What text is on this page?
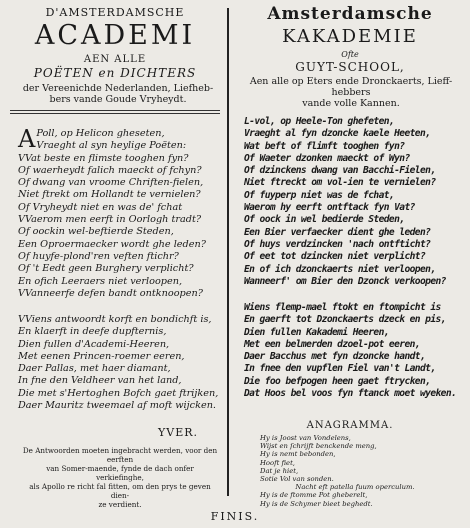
D'AMSTERDAMSCHE
ACADEMI
AEN ALLE
POËTEN en DICHTERS
der Vereenichde Nederlanden, Liefheb-
bers vande Goude Vryheydt.
A Poll, op Helicon gheseten,
Vraeght al syn heylige Poëten:
VVat beste en flimste tooghen fyn?
Of waerheydt falich maeckt of fchyn?
Of dwang van vroome Chriften-fielen,
Niet ftrekt om Hollandt te vernielen?
Of Vryheydt niet en was de' fchat
VVaerom men eerft in Oorlogh tradt?
Of oockin wel-beftierde Steden,
Een Oproermaecker wordt ghe leden?
Of huyfe-plond'ren veften ftichr?
Of 't Eedt geen Burghery verplicht?
En ofich Leeraers niet verloopen,
VVanneerfe defen bandt ontknoopen?
VViens antwoordt korft en bondichft is,
En klaerft in deefe dupfternis,
Dien fullen d'Academi-Heeren,
Met eenen Princen-roemer eeren,
Daer Pallas, met haer diamant,
In fne den Veldheer van het land,
Die met s'Hertoghen Bofch gaet ftrijken,
Daer Mauritz tweemael af moft wijcken.
YVER.
De Antwoorden moeten ingebracht werden, voor den eerften
van Somer-maende, fynde de dach onfer verkiefinghe,
als Apollo re richt fal fitten, om den prys te geven dien-
ze verdient.
Amsterdamsche
KAKADEMIE
Ofte
GUYT-SCHOOL,
Aen alle op Eters ende Dronckaerts, Lieff-hebbers
vande volle Kannen.
L-vol, op Heele-Ton ghefeten,
Vraeght al fyn dzoncke kaele Heeten,
Wat beft of flimft tooghen fyn?
Of Waeter dzonken maeckt of Wyn?
Of dzinckens dwang van Bacchi-Fielen,
Niet ftreckt om vol-ien te vernielen?
Of fuyperp niet was de fchat,
Waerom hy eerft ontftack fyn Vat?
Of oock in wel bedierde Steden,
Een Bier verfaecker dient ghe leden?
Of huys verdzincken 'nach ontfticht?
Of eet tot dzincken niet verplicht?
En of ich dzonckaerts niet verloopen,
Wanneerf' om Bier den Dzonck verkoopen?
Wiens flemp-mael ftokt en ftompicht is
En gaerft tot Dzonckaerts dzeck en pis,
Dien fullen Kakademi Heeren,
Met een belmerden dzoel-pot eeren,
Daer Bacchus met fyn dzoncke handt,
In fnee den vupflen Fiel van't Landt,
Die foo befpogen heen gaet ftrycken,
Dat Hoos bel voos fyn ftanck moet wyeken.
ANAGRAMMA.
Hy is Joost van Vondelens,
Wijst en ſchrijft benckende meng,
Hy is nemt bebonden,
Hooft fiet,
Dat je hiet,
Sotie Vol van sonden.
Nacht eft patella fuum operculum.
Hy is de ftomme Pot gheberelt,
Hy is de Schymer bieet beghedt.
FINIS.
